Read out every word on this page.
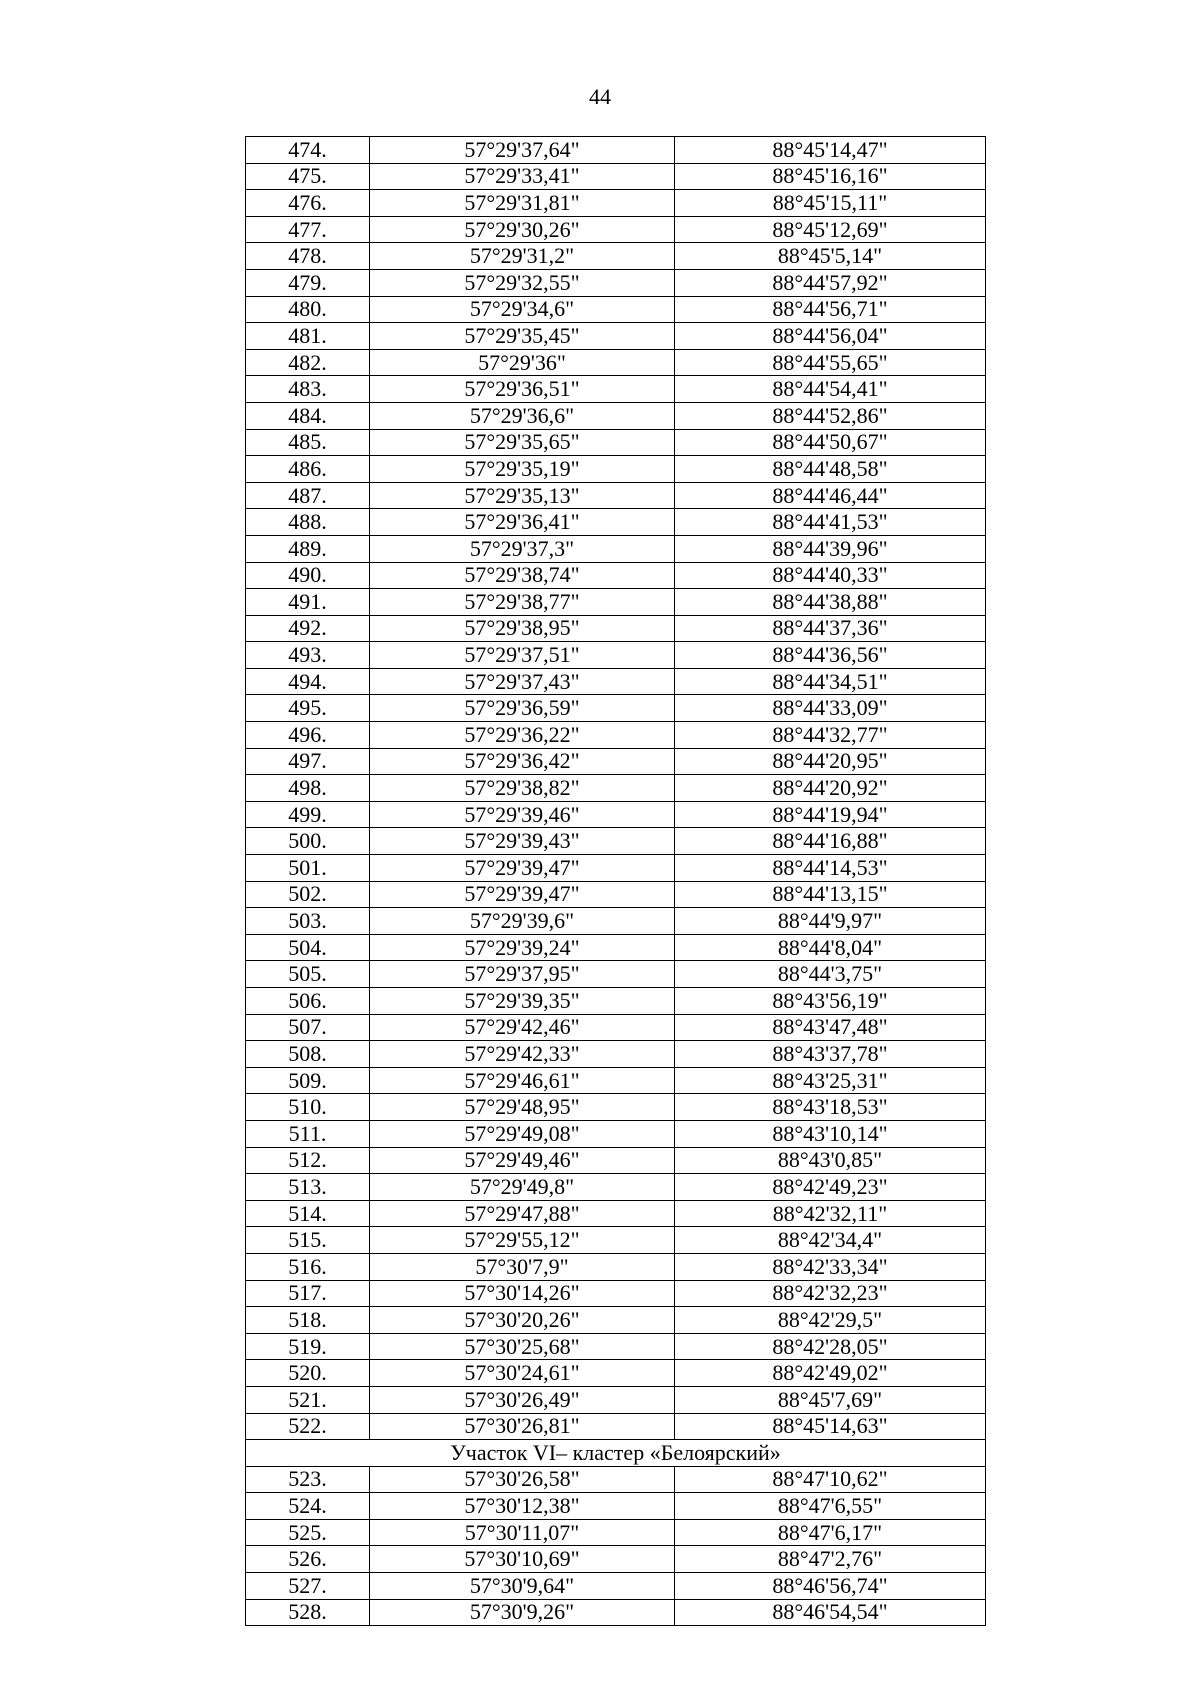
44
474.	57°29'37,64"	88°45'14,47"
475.	57°29'33,41"	88°45'16,16"
476.	57°29'31,81"	88°45'15,11"
477.	57°29'30,26"	88°45'12,69"
478.	57°29'31,2"	88°45'5,14"
479.	57°29'32,55"	88°44'57,92"
480.	57°29'34,6"	88°44'56,71"
481.	57°29'35,45"	88°44'56,04"
482.	57°29'36"	88°44'55,65"
483.	57°29'36,51"	88°44'54,41"
484.	57°29'36,6"	88°44'52,86"
485.	57°29'35,65"	88°44'50,67"
486.	57°29'35,19"	88°44'48,58"
487.	57°29'35,13"	88°44'46,44"
488.	57°29'36,41"	88°44'41,53"
489.	57°29'37,3"	88°44'39,96"
490.	57°29'38,74"	88°44'40,33"
491.	57°29'38,77"	88°44'38,88"
492.	57°29'38,95"	88°44'37,36"
493.	57°29'37,51"	88°44'36,56"
494.	57°29'37,43"	88°44'34,51"
495.	57°29'36,59"	88°44'33,09"
496.	57°29'36,22"	88°44'32,77"
497.	57°29'36,42"	88°44'20,95"
498.	57°29'38,82"	88°44'20,92"
499.	57°29'39,46"	88°44'19,94"
500.	57°29'39,43"	88°44'16,88"
501.	57°29'39,47"	88°44'14,53"
502.	57°29'39,47"	88°44'13,15"
503.	57°29'39,6"	88°44'9,97"
504.	57°29'39,24"	88°44'8,04"
505.	57°29'37,95"	88°44'3,75"
506.	57°29'39,35"	88°43'56,19"
507.	57°29'42,46"	88°43'47,48"
508.	57°29'42,33"	88°43'37,78"
509.	57°29'46,61"	88°43'25,31"
510.	57°29'48,95"	88°43'18,53"
511.	57°29'49,08"	88°43'10,14"
512.	57°29'49,46"	88°43'0,85"
513.	57°29'49,8"	88°42'49,23"
514.	57°29'47,88"	88°42'32,11"
515.	57°29'55,12"	88°42'34,4"
516.	57°30'7,9"	88°42'33,34"
517.	57°30'14,26"	88°42'32,23"
518.	57°30'20,26"	88°42'29,5"
519.	57°30'25,68"	88°42'28,05"
520.	57°30'24,61"	88°42'49,02"
521.	57°30'26,49"	88°45'7,69"
522.	57°30'26,81"	88°45'14,63"
Участок VI– кластер «Белоярский»		
523.	57°30'26,58"	88°47'10,62"
524.	57°30'12,38"	88°47'6,55"
525.	57°30'11,07"	88°47'6,17"
526.	57°30'10,69"	88°47'2,76"
527.	57°30'9,64"	88°46'56,74"
528.	57°30'9,26"	88°46'54,54"
